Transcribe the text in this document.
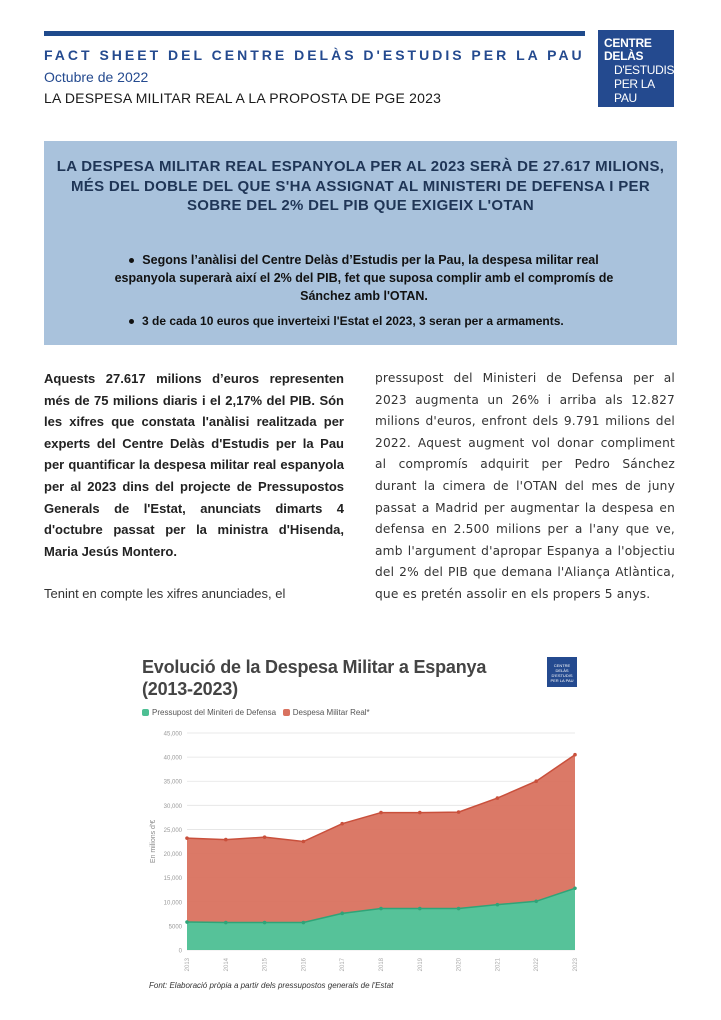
FACT SHEET DEL CENTRE DELÀS D'ESTUDIS PER LA PAU
Octubre de 2022
LA DESPESA MILITAR REAL A LA PROPOSTA DE PGE 2023
CENTRE DELÀS
D'ESTUDIS
PER LA PAU
LA DESPESA MILITAR REAL ESPANYOLA PER AL 2023 SERÀ DE 27.617 MILIONS, MÉS DEL DOBLE DEL QUE S'HA ASSIGNAT AL MINISTERI DE DEFENSA I PER SOBRE DEL 2% DEL PIB QUE EXIGEIX L'OTAN
Segons l’anàlisi del Centre Delàs d’Estudis per la Pau, la despesa militar real espanyola superarà així el 2% del PIB, fet que suposa complir amb el compromís de Sánchez amb l'OTAN.
3 de cada 10 euros que inverteixi l'Estat el 2023, 3 seran per a armaments.
Aquests 27.617 milions d’euros representen més de 75 milions diaris i el 2,17% del PIB. Són les xifres que constata l'anàlisi realitzada per experts del Centre Delàs d'Estudis per la Pau per quantificar la despesa militar real espanyola per al 2023 dins del projecte de Pressupostos Generals de l'Estat, anunciats dimarts 4 d'octubre passat per la ministra d'Hisenda, Maria Jesús Montero.
Tenint en compte les xifres anunciades, el
pressupost del Ministeri de Defensa per al 2023 augmenta un 26% i arriba als 12.827 milions d'euros, enfront dels 9.791 milions del 2022. Aquest augment vol donar compliment al compromís adquirit per Pedro Sánchez durant la cimera de l'OTAN del mes de juny passat a Madrid per augmentar la despesa en defensa en 2.500 milions per a l'any que ve, amb l'argument d'apropar Espanya a l'objectiu del 2% del PIB que demana l'Aliança Atlàntica, que es pretén assolir en els propers 5 anys.
Evolució de la Despesa Militar a Espanya
(2013-2023)
CENTRE DELÀS D'ESTUDIS PER LA PAU
Pressupost del Miniteri de Defensa Despesa Militar Real*
0
5000
10,000
15,000
20,000
25,000
30,000
35,000
40,000
45,000
En milions d'€
2013	2014	2015	2016	2017	2018	2019	2020	2021	2022	2023
Font: Elaboració pròpia a partir dels pressupostos generals de l'Estat
